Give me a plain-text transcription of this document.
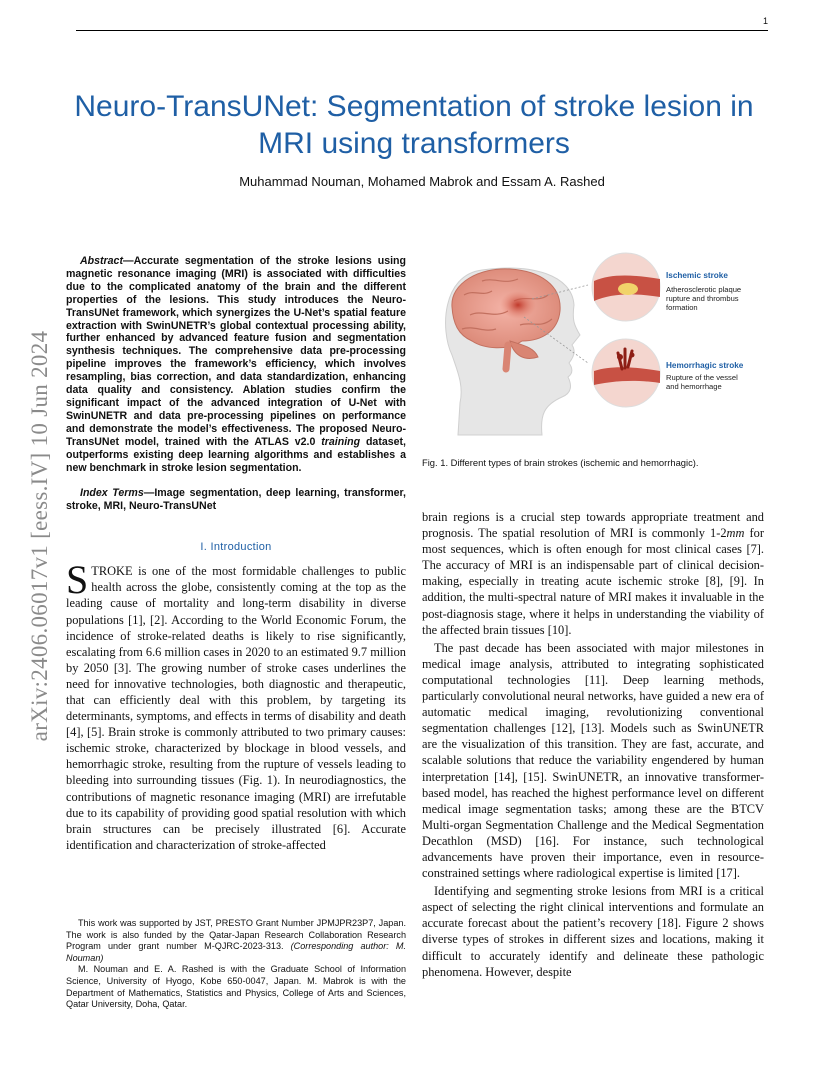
1
arXiv:2406.06017v1 [eess.IV] 10 Jun 2024
Neuro-TransUNet: Segmentation of stroke lesion in MRI using transformers
Muhammad Nouman, Mohamed Mabrok and Essam A. Rashed

Abstract—Accurate segmentation of the stroke lesions using magnetic resonance imaging (MRI) is associated with difficulties due to the complicated anatomy of the brain and the different properties of the lesions. This study introduces the Neuro-TransUNet framework, which synergizes the U-Net’s spatial feature extraction with SwinUNETR’s global contextual processing ability, further enhanced by advanced feature fusion and segmentation synthesis techniques. The comprehensive data pre-processing pipeline improves the framework’s efficiency, which involves resampling, bias correction, and data standardization, enhancing data quality and consistency. Ablation studies confirm the significant impact of the advanced integration of U-Net with SwinUNETR and data pre-processing pipelines on performance and demonstrate the model’s effectiveness. The proposed Neuro-TransUNet model, trained with the ATLAS v2.0 training dataset, outperforms existing deep learning algorithms and establishes a new benchmark in stroke lesion segmentation.

Index Terms—Image segmentation, deep learning, transformer, stroke, MRI, Neuro-TransUNet

I. Introduction

STROKE is one of the most formidable challenges to public health across the globe, consistently coming at the top as the leading cause of mortality and long-term disability in diverse populations [1], [2]. According to the World Economic Forum, the incidence of stroke-related deaths is likely to rise significantly, escalating from 6.6 million cases in 2020 to an estimated 9.7 million by 2050 [3]. The growing number of stroke cases underlines the need for innovative technologies, both diagnostic and therapeutic, that can efficiently deal with this problem, by targeting its determinants, symptoms, and effects in terms of disability and death [4], [5]. Brain stroke is commonly attributed to two primary causes: ischemic stroke, characterized by blockage in blood vessels, and hemorrhagic stroke, resulting from the rupture of vessels leading to bleeding into surrounding tissues (Fig. 1). In neurodiagnostics, the contributions of magnetic resonance imaging (MRI) are irrefutable due to its capability of providing good spatial resolution with which brain structures can be precisely illustrated [6]. Accurate identification and characterization of stroke-affected

This work was supported by JST, PRESTO Grant Number JPMJPR23P7, Japan. The work is also funded by the Qatar-Japan Research Collaboration Research Program under grant number M-QJRC-2023-313. (Corresponding author: M. Nouman)

M. Nouman and E. A. Rashed is with the Graduate School of Information Science, University of Hyogo, Kobe 650-0047, Japan. M. Mabrok is with the Department of Mathematics, Statistics and Physics, College of Arts and Sciences, Qatar University, Doha, Qatar.

Ischemic stroke
Atherosclerotic plaque
rupture and thrombus
formation
Hemorrhagic stroke
Rupture of the vessel
and hemorrhage
Fig. 1. Different types of brain strokes (ischemic and hemorrhagic).

brain regions is a crucial step towards appropriate treatment and prognosis. The spatial resolution of MRI is commonly 1-2mm for most sequences, which is often enough for most clinical cases [7]. The accuracy of MRI is an indispensable part of clinical decision-making, especially in treating acute ischemic stroke [8], [9]. In addition, the multi-spectral nature of MRI makes it invaluable in the post-diagnosis stage, where it helps in understanding the viability of the affected brain tissues [10].

The past decade has been associated with major milestones in medical image analysis, attributed to integrating sophisticated computational technologies [11]. Deep learning methods, particularly convolutional neural networks, have guided a new era of automatic medical imaging, revolutionizing conventional segmentation challenges [12], [13]. Models such as SwinUNETR are the visualization of this transition. They are fast, accurate, and scalable solutions that reduce the variability engendered by human interpretation [14], [15]. SwinUNETR, an innovative transformer-based model, has reached the highest performance level on different medical image segmentation tasks; among these are the BTCV Multi-organ Segmentation Challenge and the Medical Segmentation Decathlon (MSD) [16]. For instance, such technological advancements have proven their importance, even in resource-constrained settings where radiological expertise is limited [17].

Identifying and segmenting stroke lesions from MRI is a critical aspect of selecting the right clinical interventions and formulate an accurate forecast about the patient’s recovery [18]. Figure 2 shows diverse types of strokes in different sizes and locations, making it difficult to accurately identify and delineate these pathologic phenomena. However, despite
